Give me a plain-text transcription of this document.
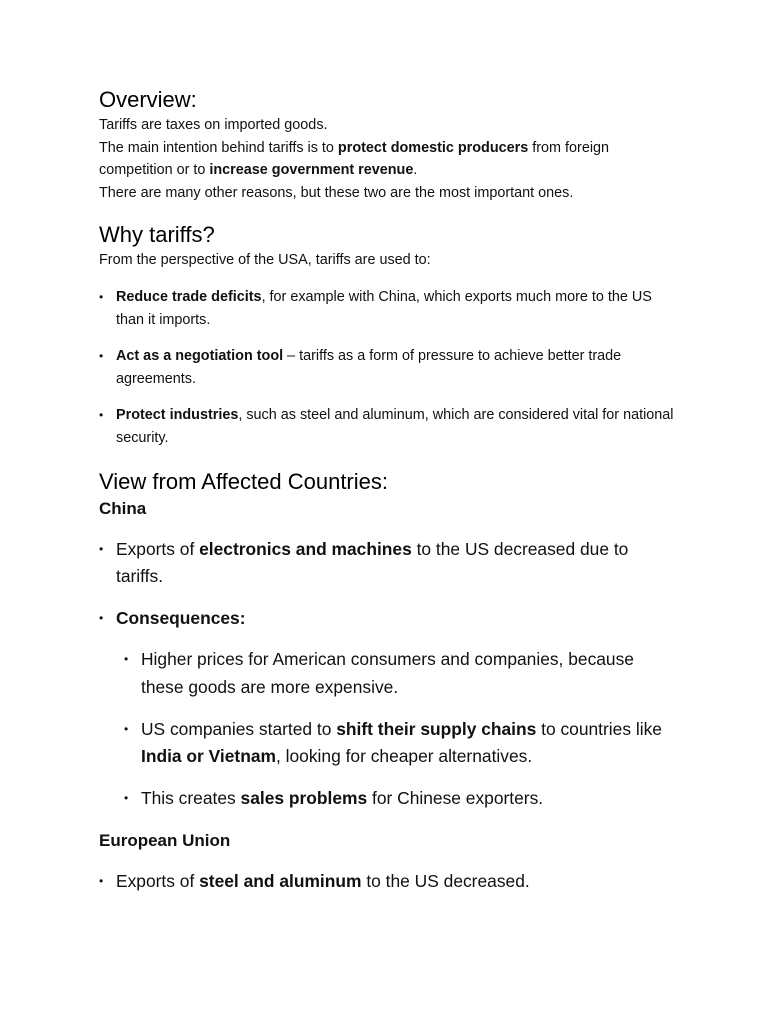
Overview:

Tariffs are taxes on imported goods.

The main intention behind tariffs is to protect domestic producers from foreign competition or to increase government revenue.

There are many other reasons, but these two are the most important ones.

Why tariffs?

From the perspective of the USA, tariffs are used to:

• Reduce trade deficits, for example with China, which exports much more to the US than it imports.
• Act as a negotiation tool – tariffs as a form of pressure to achieve better trade agreements.
• Protect industries, such as steel and aluminum, which are considered vital for national security.
View from Affected Countries:
China
• Exports of electronics and machines to the US decreased due to tariffs.
• Consequences:
• Higher prices for American consumers and companies, because these goods are more expensive.
• US companies started to shift their supply chains to countries like India or Vietnam, looking for cheaper alternatives.
• This creates sales problems for Chinese exporters.
European Union
• Exports of steel and aluminum to the US decreased.
